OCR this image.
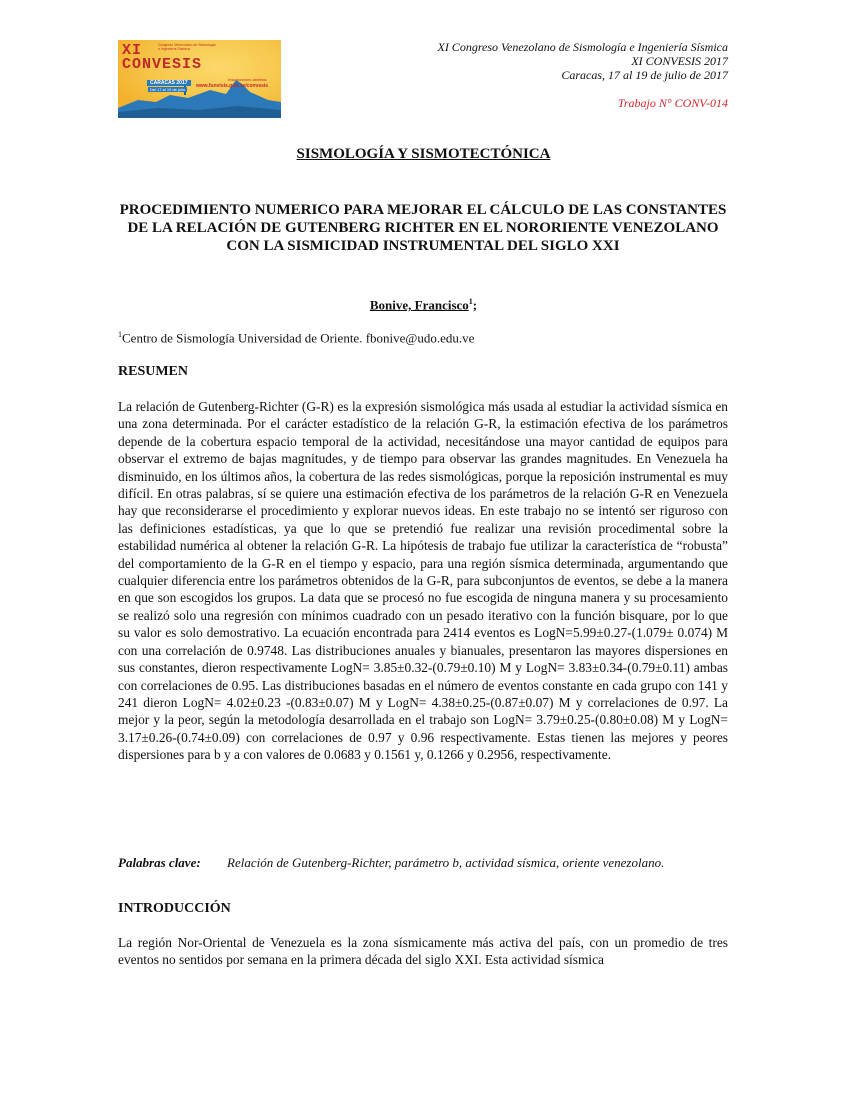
XI
CONVESIS
Congreso Venezolano de Sismología e Ingeniería Sísmica
CARACAS 2017
Del 17 al 19 de julio
Inscripciones abiertas
www.funvisis.gob.ve/convesis
XI Congreso Venezolano de Sismología e Ingeniería Sísmica
XI CONVESIS 2017
Caracas, 17 al 19 de julio de 2017
Trabajo N° CONV-014
SISMOLOGÍA Y SISMOTECTÓNICA
PROCEDIMIENTO NUMERICO PARA MEJORAR EL CÁLCULO DE LAS CONSTANTES DE LA RELACIÓN DE GUTENBERG RICHTER EN EL NORORIENTE VENEZOLANO CON LA SISMICIDAD INSTRUMENTAL DEL SIGLO XXI
Bonive, Francisco$^1$;
$^1$Centro de Sismología Universidad de Oriente. fbonive@udo.edu.ve
RESUMEN

La relación de Gutenberg-Richter (G-R) es la expresión sismológica más usada al estudiar la actividad sísmica en una zona determinada. Por el carácter estadístico de la relación G-R, la estimación efectiva de los parámetros depende de la cobertura espacio temporal de la actividad, necesitándose una mayor cantidad de equipos para observar el extremo de bajas magnitudes, y de tiempo para observar las grandes magnitudes. En Venezuela ha disminuido, en los últimos años, la cobertura de las redes sismológicas, porque la reposición instrumental es muy difícil. En otras palabras, sí se quiere una estimación efectiva de los parámetros de la relación G-R en Venezuela hay que reconsiderarse el procedimiento y explorar nuevos ideas. En este trabajo no se intentó ser riguroso con las definiciones estadísticas, ya que lo que se pretendió fue realizar una revisión procedimental sobre la estabilidad numérica al obtener la relación G-R. La hipótesis de trabajo fue utilizar la característica de “robusta” del comportamiento de la G-R en el tiempo y espacio, para una región sísmica determinada, argumentando que cualquier diferencia entre los parámetros obtenidos de la G-R, para subconjuntos de eventos, se debe a la manera en que son escogidos los grupos. La data que se procesó no fue escogida de ninguna manera y su procesamiento se realizó solo una regresión con mínimos cuadrado con un pesado iterativo con la función bisquare, por lo que su valor es solo demostrativo. La ecuación encontrada para 2414 eventos es LogN=5.99±0.27-(1.079± 0.074) M con una correlación de 0.9748. Las distribuciones anuales y bianuales, presentaron las mayores dispersiones en sus constantes, dieron respectivamente LogN= 3.85±0.32-(0.79±0.10) M y LogN= 3.83±0.34-(0.79±0.11) ambas con correlaciones de 0.95. Las distribuciones basadas en el número de eventos constante en cada grupo con 141 y 241 dieron LogN= 4.02±0.23 -(0.83±0.07) M y LogN= 4.38±0.25-(0.87±0.07) M y correlaciones de 0.97. La mejor y la peor, según la metodología desarrollada en el trabajo son LogN= 3.79±0.25-(0.80±0.08) M y LogN= 3.17±0.26-(0.74±0.09) con correlaciones de 0.97 y 0.96 respectivamente. Estas tienen las mejores y peores dispersiones para b y a con valores de 0.0683 y 0.1561 y, 0.1266 y 0.2956, respectivamente.

Palabras clave: Relación de Gutenberg-Richter, parámetro b, actividad sísmica, oriente venezolano.
INTRODUCCIÓN

La región Nor-Oriental de Venezuela es la zona sísmicamente más activa del país, con un promedio de tres eventos no sentidos por semana en la primera década del siglo XXI. Esta actividad sísmica
